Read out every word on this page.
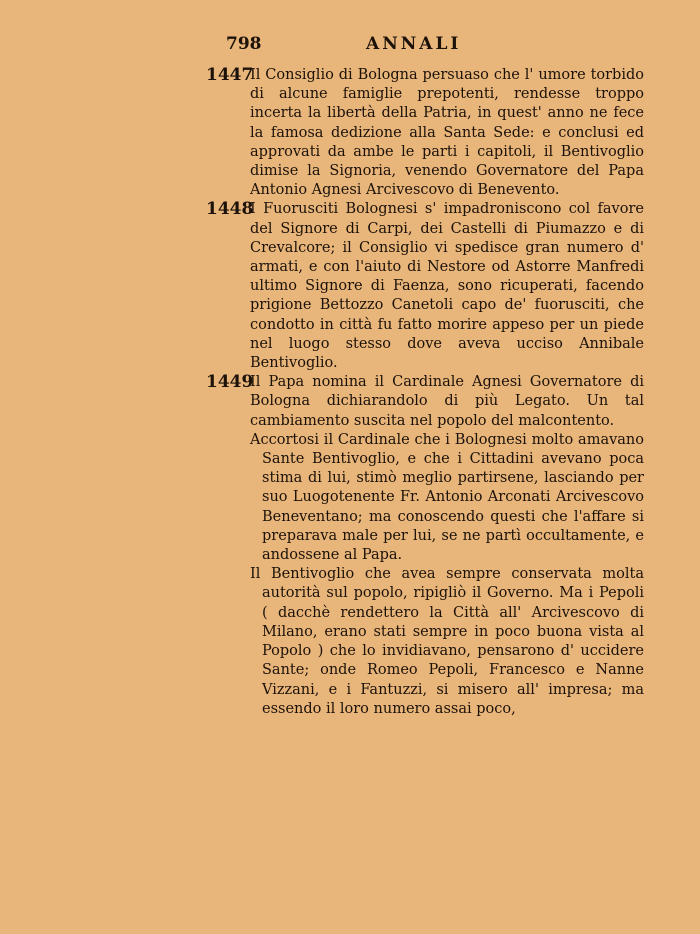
798	ANNALI
1447

Il Consiglio di Bologna persuaso che l' umore torbido di alcune famiglie prepotenti, rendesse troppo incerta la libertà della Patria, in quest' anno ne fece la famosa dedizione alla Santa Sede: e conclusi ed approvati da ambe le parti i capitoli, il Bentivoglio dimise la Signoria, venendo Governatore del Papa Antonio Agnesi Arcivescovo di Benevento.

1448

I Fuorusciti Bolognesi s' impadroniscono col favore del Signore di Carpi, dei Castelli di Piumazzo e di Crevalcore; il Consiglio vi spedisce gran numero d' armati, e con l'aiuto di Nestore od Astorre Manfredi ultimo Signore di Faenza, sono ricuperati, facendo prigione Bettozzo Canetoli capo de' fuorusciti, che condotto in città fu fatto morire appeso per un piede nel luogo stesso dove aveva ucciso Annibale Bentivoglio.

1449

Il Papa nomina il Cardinale Agnesi Governatore di Bologna dichiarandolo di più Legato. Un tal cambiamento suscita nel popolo del malcontento.

Accortosi il Cardinale che i Bolognesi molto amavano Sante Bentivoglio, e che i Cittadini avevano poca stima di lui, stimò meglio partirsene, lasciando per suo Luogotenente Fr. Antonio Arconati Arcivescovo Beneventano; ma conoscendo questi che l'affare si preparava male per lui, se ne partì occultamente, e andossene al Papa.

Il Bentivoglio che avea sempre conservata molta autorità sul popolo, ripigliò il Governo. Ma i Pepoli ( dacchè rendettero la Città all' Arcivescovo di Milano, erano stati sempre in poco buona vista al Popolo ) che lo invidiavano, pensarono d' uccidere Sante; onde Romeo Pepoli, Francesco e Nanne Vizzani, e i Fantuzzi, si misero all' impresa; ma essendo il loro numero assai poco,
